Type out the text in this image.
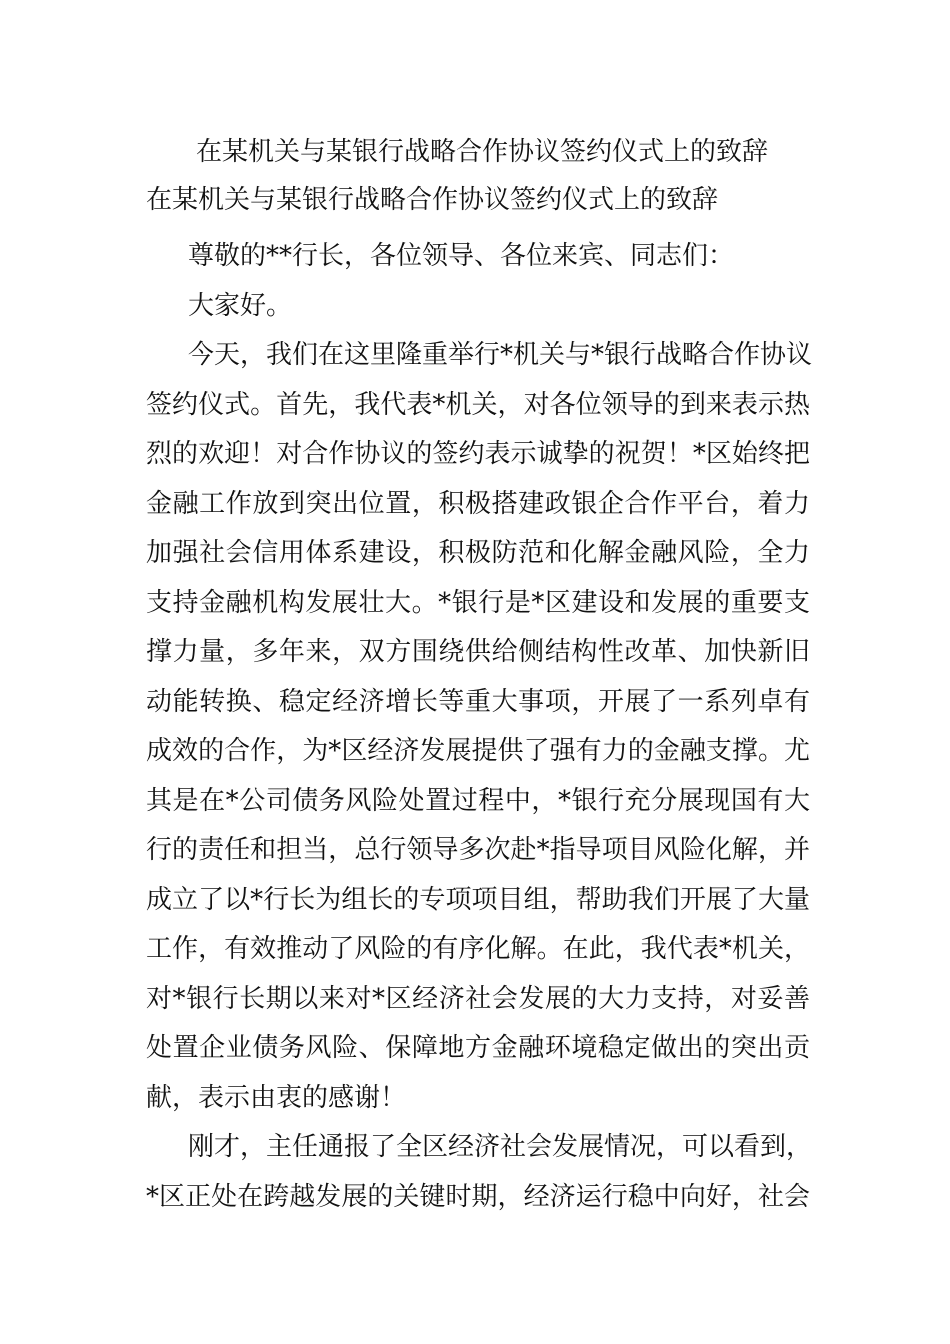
在某机关与某银行战略合作协议签约仪式上的致辞
在某机关与某银行战略合作协议签约仪式上的致辞

尊敬的**行长，各位领导、各位来宾、同志们：

大家好。

今天，我们在这里隆重举行*机关与*银行战略合作协议
签约仪式。首先，我代表*机关，对各位领导的到来表示热
烈的欢迎！对合作协议的签约表示诚挚的祝贺！*区始终把
金融工作放到突出位置，积极搭建政银企合作平台，着力
加强社会信用体系建设，积极防范和化解金融风险，全力
支持金融机构发展壮大。*银行是*区建设和发展的重要支
撑力量，多年来，双方围绕供给侧结构性改革、加快新旧
动能转换、稳定经济增长等重大事项，开展了一系列卓有
成效的合作，为*区经济发展提供了强有力的金融支撑。尤
其是在*公司债务风险处置过程中，*银行充分展现国有大
行的责任和担当，总行领导多次赴*指导项目风险化解，并
成立了以*行长为组长的专项项目组，帮助我们开展了大量
工作，有效推动了风险的有序化解。在此，我代表*机关，
对*银行长期以来对*区经济社会发展的大力支持，对妥善
处置企业债务风险、保障地方金融环境稳定做出的突出贡
献，表示由衷的感谢！

刚才，主任通报了全区经济社会发展情况，可以看到，
*区正处在跨越发展的关键时期，经济运行稳中向好，社会
